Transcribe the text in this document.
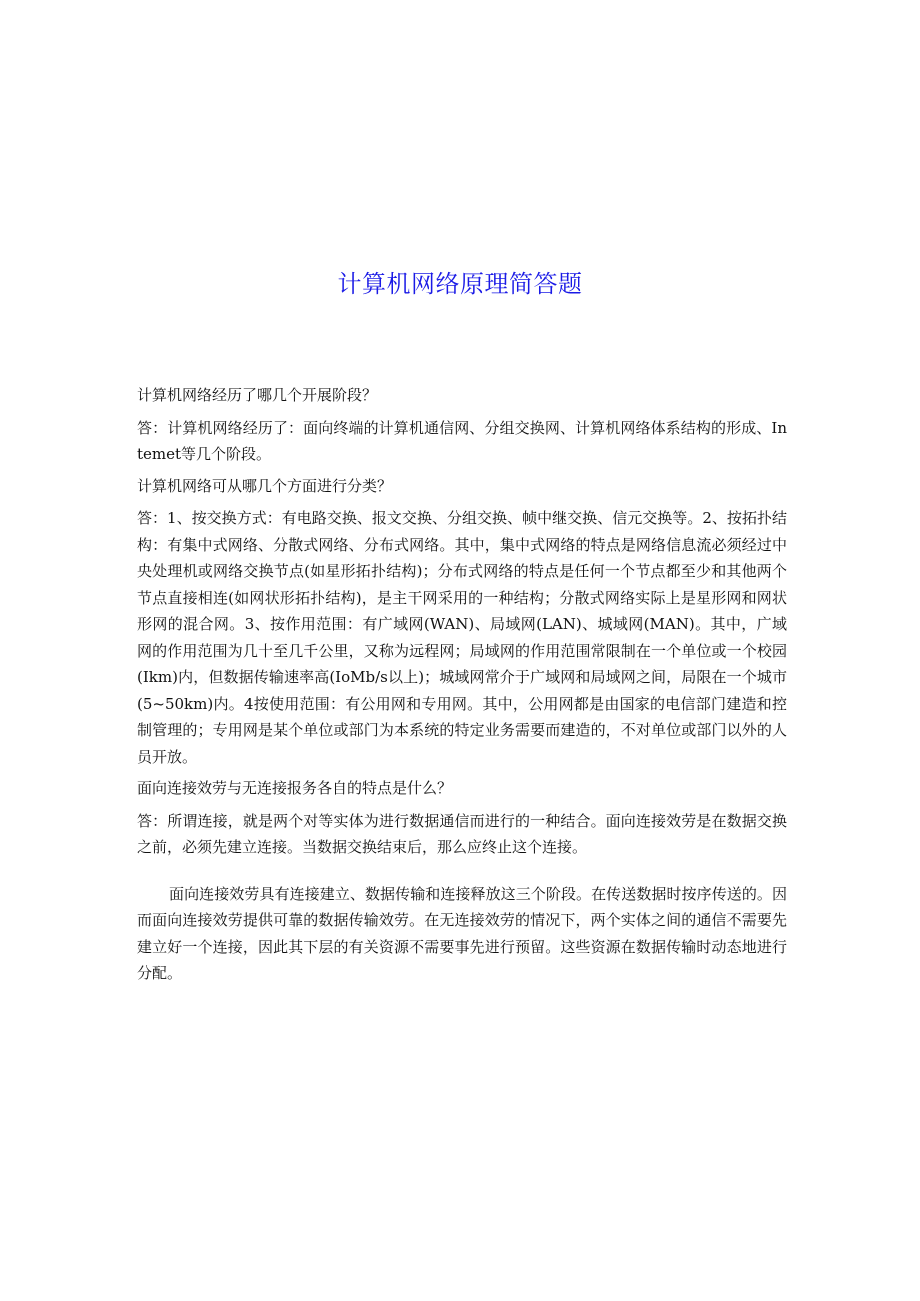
计算机网络原理简答题

计算机网络经历了哪几个开展阶段？

答：计算机网络经历了：面向终端的计算机通信网、分组交换网、计算机网络体系结构的形成、Intemet等几个阶段。

计算机网络可从哪几个方面进行分类？

答：1、按交换方式：有电路交换、报文交换、分组交换、帧中继交换、信元交换等。2、按拓扑结构：有集中式网络、分散式网络、分布式网络。其中，集中式网络的特点是网络信息流必须经过中央处理机或网络交换节点(如星形拓扑结构)；分布式网络的特点是任何一个节点都至少和其他两个节点直接相连(如网状形拓扑结构)，是主干网采用的一种结构；分散式网络实际上是星形网和网状形网的混合网。3、按作用范围：有广域网(WAN)、局域网(LAN)、城域网(MAN)。其中，广域网的作用范围为几十至几千公里，又称为远程网；局域网的作用范围常限制在一个单位或一个校园(Ikm)内，但数据传输速率高(IoMb/s以上)；城域网常介于广域网和局域网之间，局限在一个城市(5~50km)内。4按使用范围：有公用网和专用网。其中，公用网都是由国家的电信部门建造和控制管理的；专用网是某个单位或部门为本系统的特定业务需要而建造的，不对单位或部门以外的人员开放。

面向连接效劳与无连接报务各自的特点是什么？

答：所谓连接，就是两个对等实体为进行数据通信而进行的一种结合。面向连接效劳是在数据交换之前，必须先建立连接。当数据交换结束后，那么应终止这个连接。

面向连接效劳具有连接建立、数据传输和连接释放这三个阶段。在传送数据时按序传送的。因而面向连接效劳提供可靠的数据传输效劳。在无连接效劳的情况下，两个实体之间的通信不需要先建立好一个连接，因此其下层的有关资源不需要事先进行预留。这些资源在数据传输时动态地进行分配。
